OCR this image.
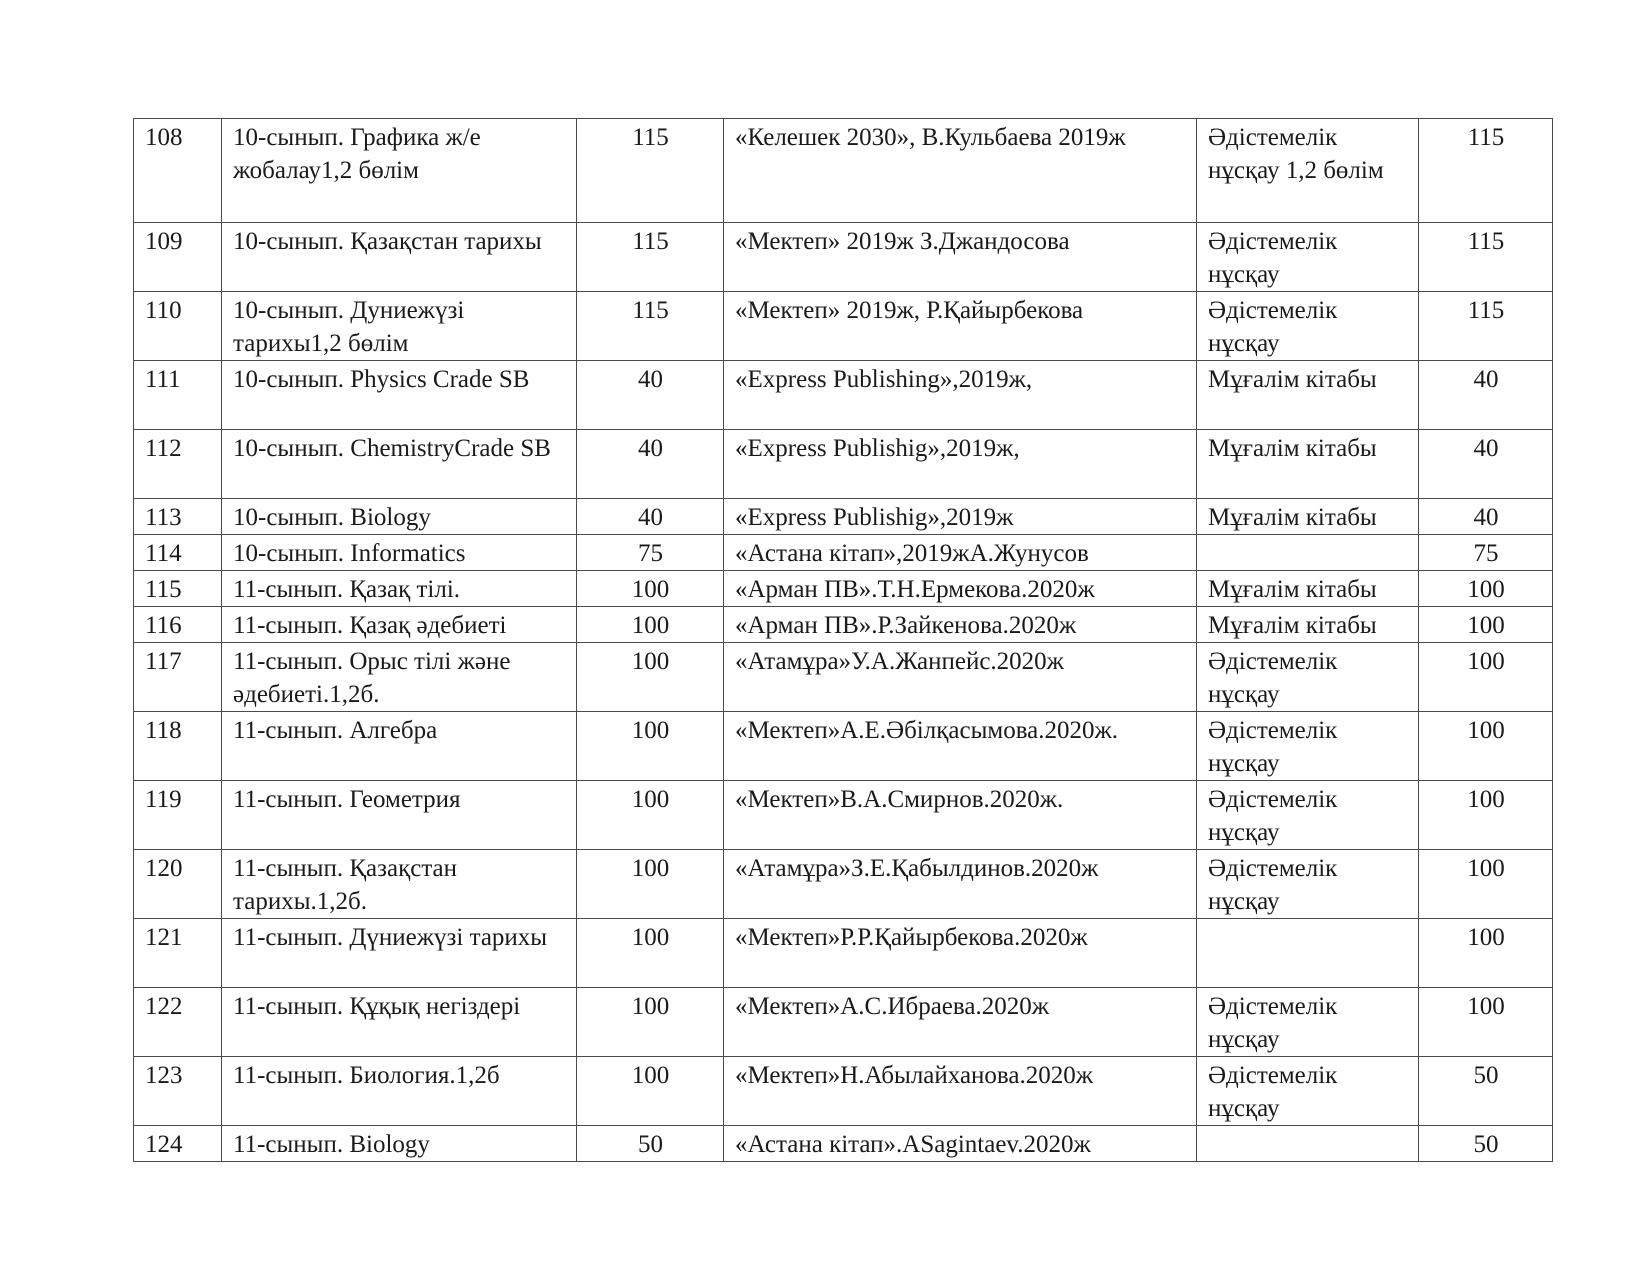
108	10-сынып. Графика ж/е жобалау1,2 бөлім	115	«Келешек 2030», В.Кульбаева 2019ж	Әдістемелік нұсқау 1,2 бөлім	115
109	10-сынып. Қазақстан тарихы	115	«Мектеп» 2019ж З.Джандосова	Әдістемелік нұсқау	115
110	10-сынып. Дуниежүзі тарихы1,2 бөлім	115	«Мектеп» 2019ж, Р.Қайырбекова	Әдістемелік нұсқау	115
111	10-сынып. Physics Crade SB	40	«Express Publishing»,2019ж,	Мұғалім кітабы	40
112	10-сынып. ChemistryCrade SB	40	«Express Publishig»,2019ж,	Мұғалім кітабы	40
113	10-сынып. Biology	40	«Express Publishig»,2019ж	Мұғалім кітабы	40
114	10-сынып. Informatics	75	«Астана кітап»,2019жА.Жунусов		75
115	11-сынып. Қазақ тілі.	100	«Арман ПВ».Т.Н.Ермекова.2020ж	Мұғалім кітабы	100
116	11-сынып. Қазақ әдебиеті	100	«Арман ПВ».Р.Зайкенова.2020ж	Мұғалім кітабы	100
117	11-сынып. Орыс тілі және әдебиеті.1,2б.	100	«Атамұра»У.А.Жанпейс.2020ж	Әдістемелік нұсқау	100
118	11-сынып. Алгебра	100	«Мектеп»А.Е.Әбілқасымова.2020ж.	Әдістемелік нұсқау	100
119	11-сынып. Геометрия	100	«Мектеп»В.А.Смирнов.2020ж.	Әдістемелік нұсқау	100
120	11-сынып. Қазақстан тарихы.1,2б.	100	«Атамұра»З.Е.Қабылдинов.2020ж	Әдістемелік нұсқау	100
121	11-сынып. Дүниежүзі тарихы	100	«Мектеп»Р.Р.Қайырбекова.2020ж		100
122	11-сынып. Құқық негіздері	100	«Мектеп»А.С.Ибраева.2020ж	Әдістемелік нұсқау	100
123	11-сынып. Биология.1,2б	100	«Мектеп»Н.Абылайханова.2020ж	Әдістемелік нұсқау	50
124	11-сынып. Biology	50	«Астана кітап».ASagintaev.2020ж		50
